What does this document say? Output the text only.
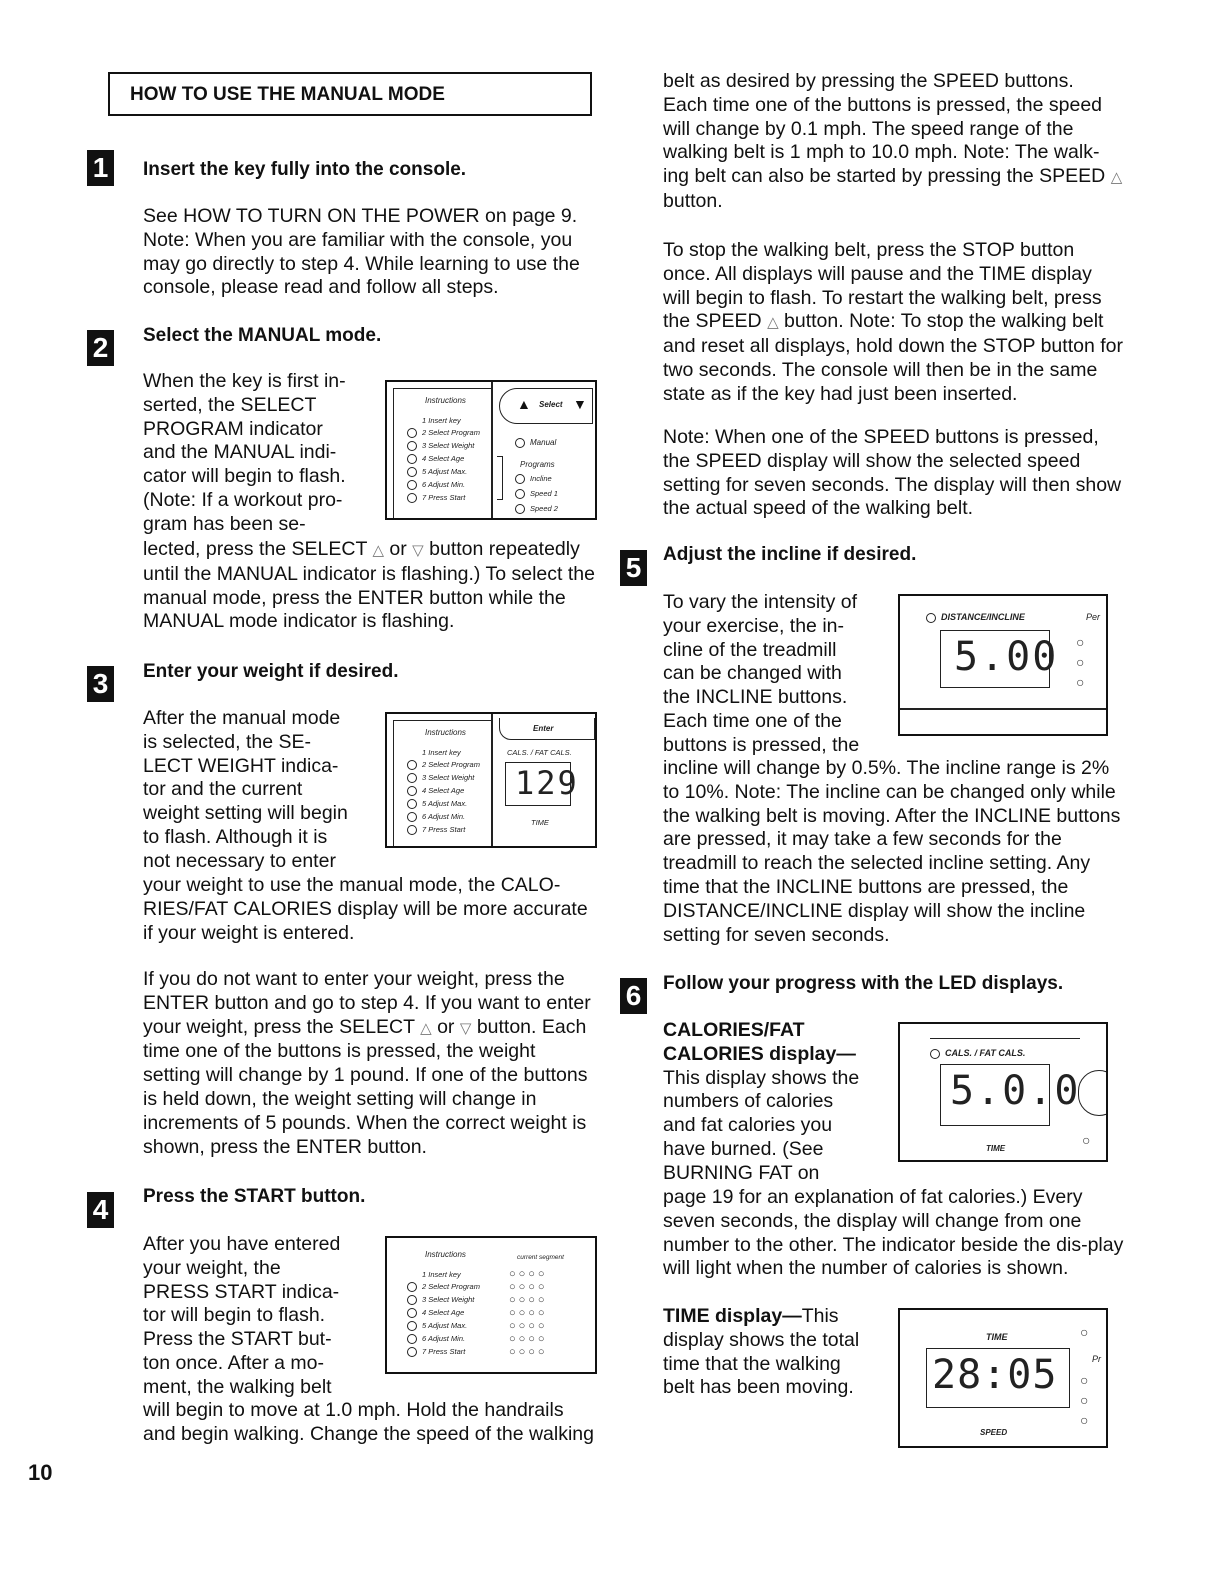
HOW TO USE THE MANUAL MODE
1	Insert the key fully into the console.

See HOW TO TURN ON THE POWER on page 9. Note: When you are familiar with the console, you may go directly to step 4. While learning to use the console, please read and follow all steps.

2	Select the MANUAL mode.
When the key is first in-
serted, the SELECT
PROGRAM indicator
and the MANUAL indi-
cator will begin to flash.
(Note: If a workout pro-
gram has been se-

lected, press the SELECT △ or ▽ button repeatedly until the MANUAL indicator is flashing.) To select the manual mode, press the ENTER button while the MANUAL mode indicator is flashing.

Instructions
1 Insert key
2 Select Program
3 Select Weight
4 Select Age
5 Adjust Max.
6 Adjust Min.
7 Press Start
▲ Select ▼
Manual
Programs
Incline
Speed 1
Speed 2
3	Enter your weight if desired.
After the manual mode
is selected, the SE-
LECT WEIGHT indica-
tor and the current
weight setting will begin
to flash. Although it is
not necessary to enter

your weight to use the manual mode, the CALO-RIES/FAT CALORIES display will be more accurate if your weight is entered.

If you do not want to enter your weight, press the ENTER button and go to step 4. If you want to enter your weight, press the SELECT △ or ▽ button. Each time one of the buttons is pressed, the weight setting will change by 1 pound. If one of the buttons is held down, the weight setting will change in increments of 5 pounds. When the correct weight is shown, press the ENTER button.

Instructions
1 Insert key
2 Select Program
3 Select Weight
4 Select Age
5 Adjust Max.
6 Adjust Min.
7 Press Start
Enter
CALS. / FAT CALS.
129
TIME
4	Press the START button.
After you have entered
your weight, the
PRESS START indica-
tor will begin to flash.
Press the START but-
ton once. After a mo-
ment, the walking belt

will begin to move at 1.0 mph. Hold the handrails and begin walking. Change the speed of the walking

Instructions	current segment
1 Insert key
2 Select Program
3 Select Weight
4 Select Age
5 Adjust Max.
6 Adjust Min.
7 Press Start
○○○○
○○○○
○○○○
○○○○
○○○○
○○○○
○○○○

belt as desired by pressing the SPEED buttons. Each time one of the buttons is pressed, the speed will change by 0.1 mph. The speed range of the walking belt is 1 mph to 10.0 mph. Note: The walk-ing belt can also be started by pressing the SPEED △ button.

To stop the walking belt, press the STOP button once. All displays will pause and the TIME display will begin to flash. To restart the walking belt, press the SPEED △ button. Note: To stop the walking belt and reset all displays, hold down the STOP button for two seconds. The console will then be in the same state as if the key had just been inserted.

Note: When one of the SPEED buttons is pressed, the SPEED display will show the selected speed setting for seven seconds. The display will then show the actual speed of the walking belt.

5	Adjust the incline if desired.
To vary the intensity of
your exercise, the in-
cline of the treadmill
can be changed with
the INCLINE buttons.
Each time one of the
buttons is pressed, the

incline will change by 0.5%. The incline range is 2% to 10%. Note: The incline can be changed only while the walking belt is moving. After the INCLINE buttons are pressed, it may take a few seconds for the treadmill to reach the selected incline setting. Any time that the INCLINE buttons are pressed, the DISTANCE/INCLINE display will show the incline setting for seven seconds.

DISTANCE/INCLINE	Per
5.00 ○
○
○
6	Follow your progress with the LED displays.
CALORIES/FAT
CALORIES display—
This display shows the
numbers of calories
and fat calories you
have burned. (See
BURNING FAT on

page 19 for an explanation of fat calories.) Every seven seconds, the display will change from one number to the other. The indicator beside the dis-play will light when the number of calories is shown.

CALS. / FAT CALS.
5.0.0
TIME
○
TIME display—This
display shows the total
time that the walking
belt has been moving.
TIME
28:05
SPEED
Pr
○
○
○
○
10
